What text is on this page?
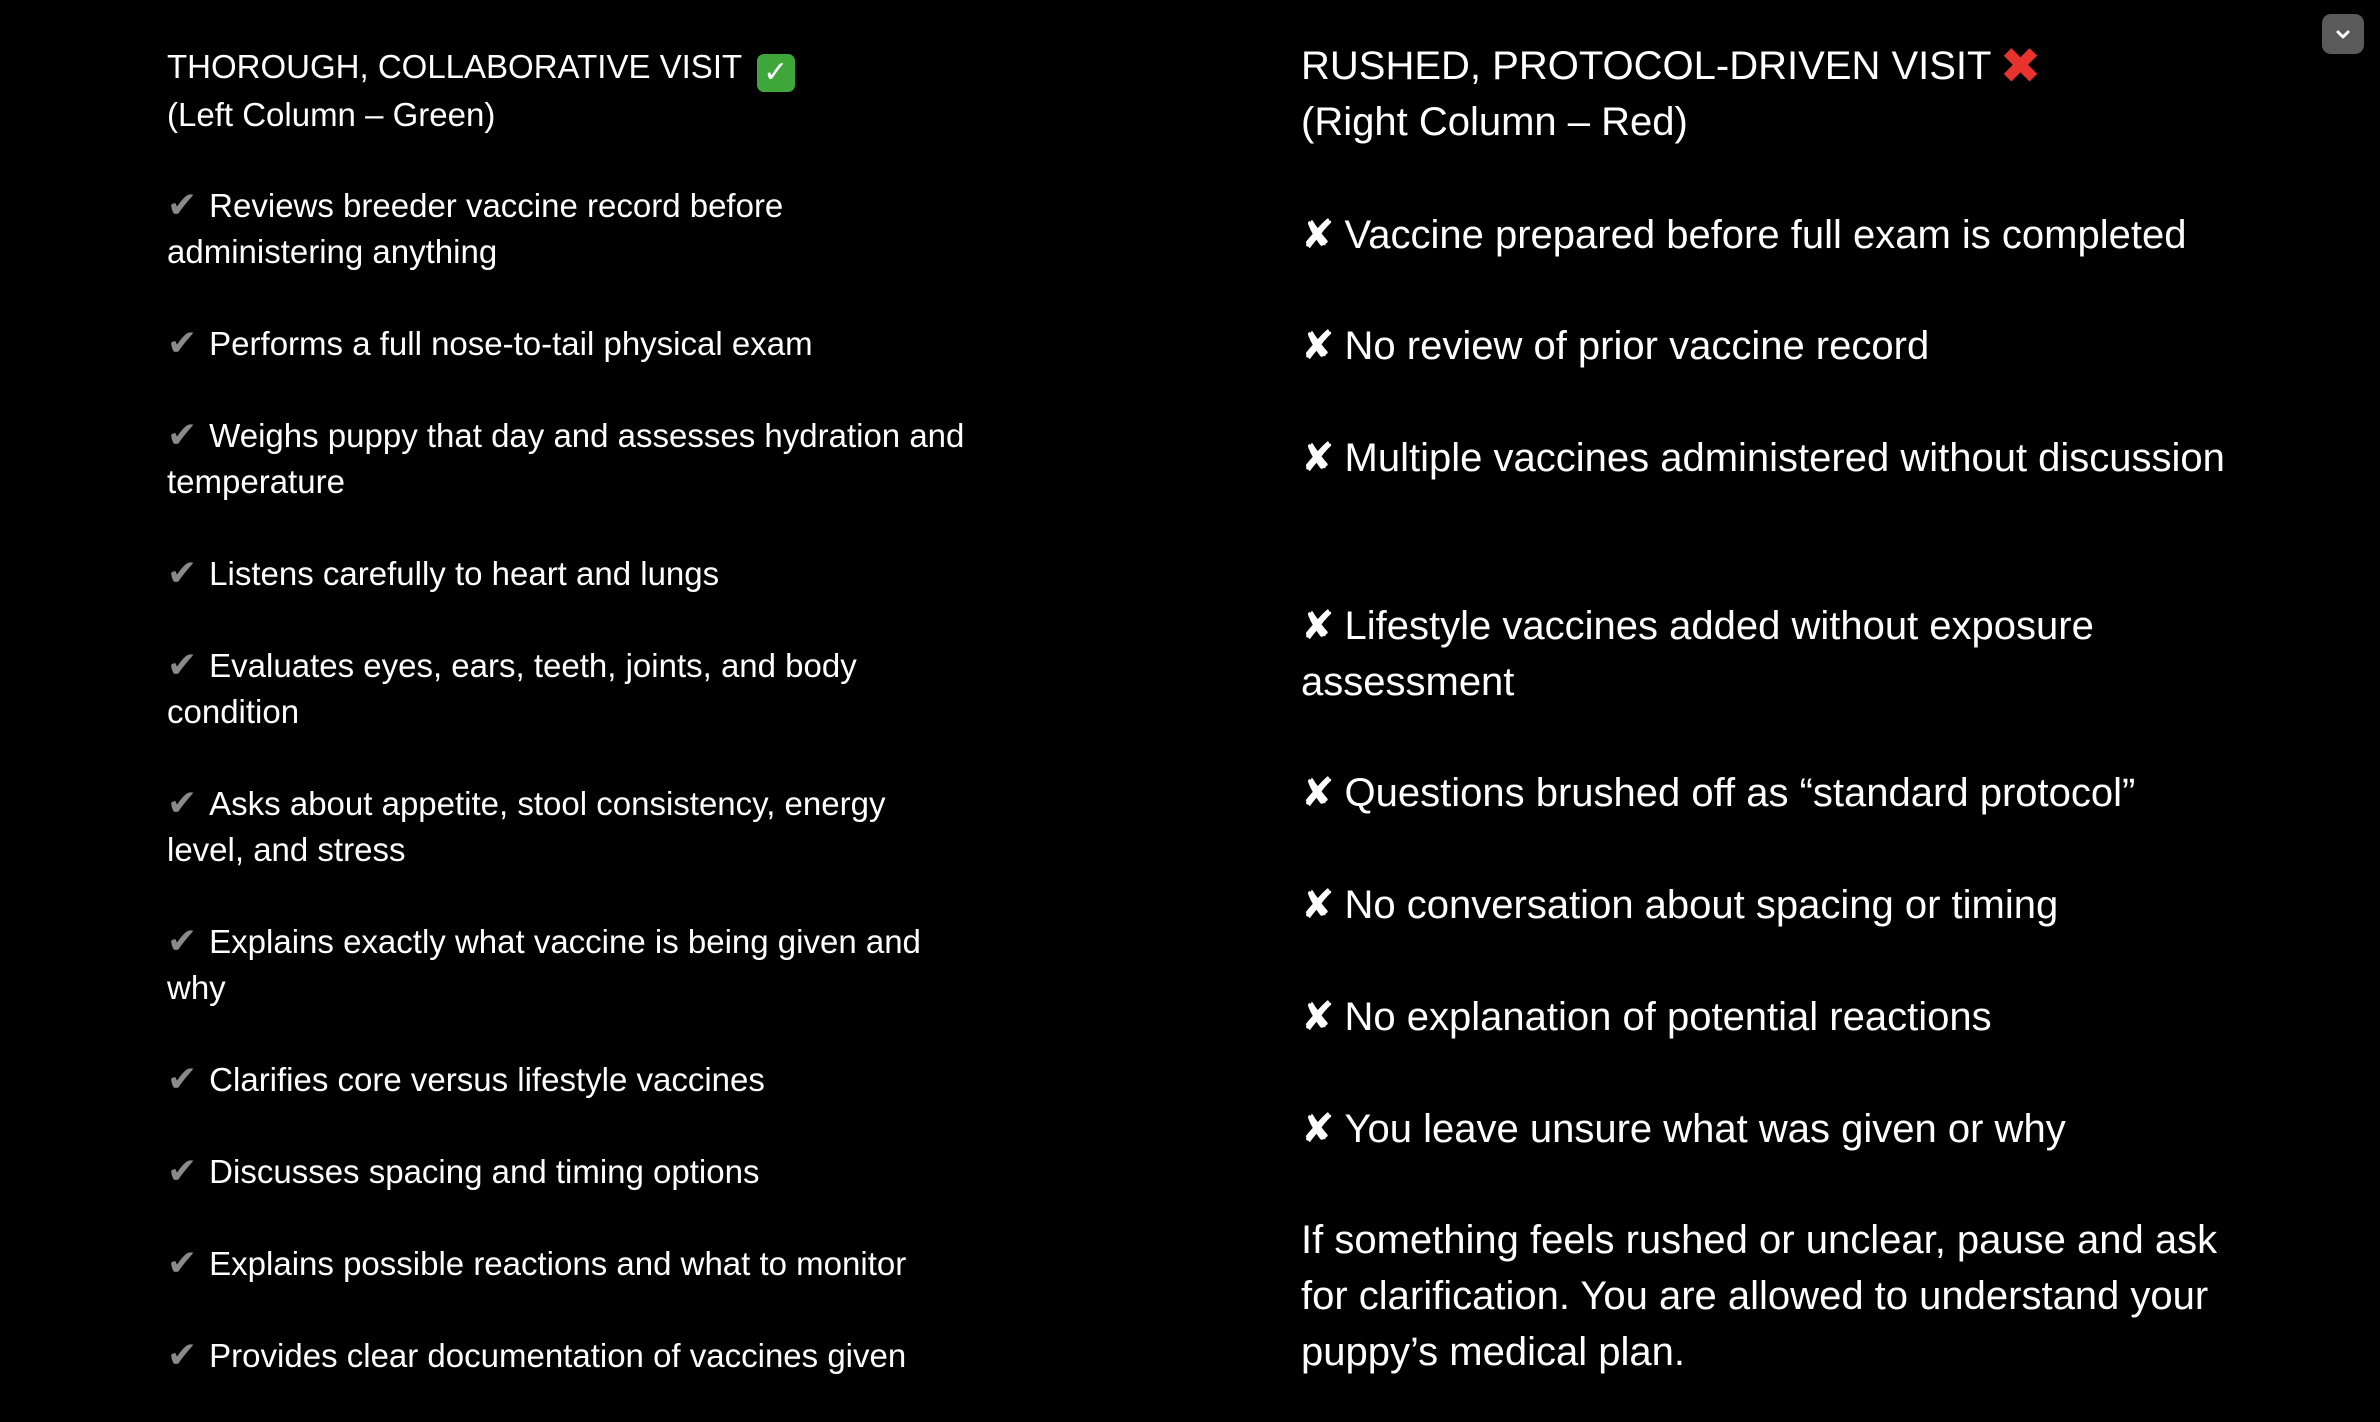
THOROUGH, COLLABORATIVE VISIT ✓
(Left Column – Green)
✔ Reviews breeder vaccine record before administering anything
✔ Performs a full nose-to-tail physical exam
✔ Weighs puppy that day and assesses hydration and temperature
✔ Listens carefully to heart and lungs
✔ Evaluates eyes, ears, teeth, joints, and body condition
✔ Asks about appetite, stool consistency, energy level, and stress
✔ Explains exactly what vaccine is being given and why
✔ Clarifies core versus lifestyle vaccines
✔ Discusses spacing and timing options
✔ Explains possible reactions and what to monitor
✔ Provides clear documentation of vaccines given
RUSHED, PROTOCOL-DRIVEN VISIT ✖
(Right Column – Red)
✘ Vaccine prepared before full exam is completed
✘ No review of prior vaccine record
✘ Multiple vaccines administered without discussion
✘ Lifestyle vaccines added without exposure assessment
✘ Questions brushed off as “standard protocol”
✘ No conversation about spacing or timing
✘ No explanation of potential reactions
✘ You leave unsure what was given or why
If something feels rushed or unclear, pause and ask for clarification. You are allowed to understand your puppy’s medical plan.
